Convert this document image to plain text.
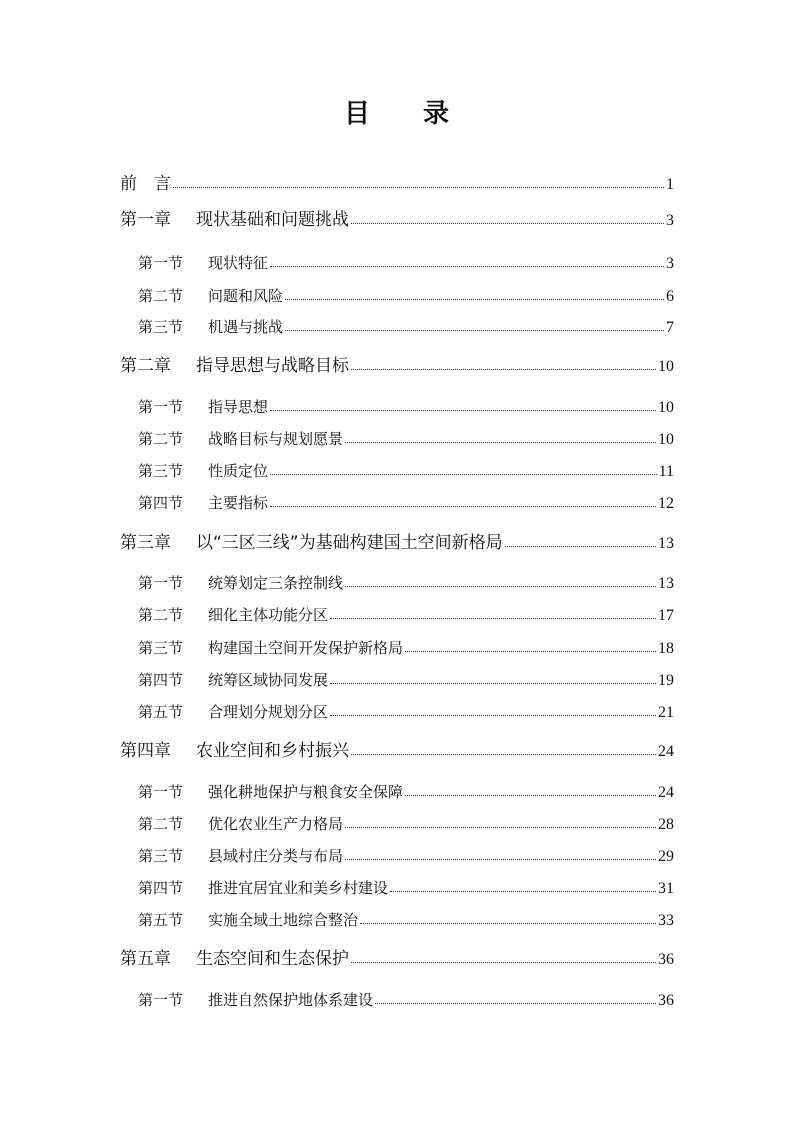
目 录
前　言	1
第一章	现状基础和问题挑战	3
第一节	现状特征	3
第二节	问题和风险	6
第三节	机遇与挑战	7
第二章	指导思想与战略目标	10
第一节	指导思想	10
第二节	战略目标与规划愿景	10
第三节	性质定位	11
第四节	主要指标	12
第三章	以“三区三线”为基础构建国土空间新格局	13
第一节	统筹划定三条控制线	13
第二节	细化主体功能分区	17
第三节	构建国土空间开发保护新格局	18
第四节	统筹区域协同发展	19
第五节	合理划分规划分区	21
第四章	农业空间和乡村振兴	24
第一节	强化耕地保护与粮食安全保障	24
第二节	优化农业生产力格局	28
第三节	县域村庄分类与布局	29
第四节	推进宜居宜业和美乡村建设	31
第五节	实施全域土地综合整治	33
第五章	生态空间和生态保护	36
第一节	推进自然保护地体系建设	36
